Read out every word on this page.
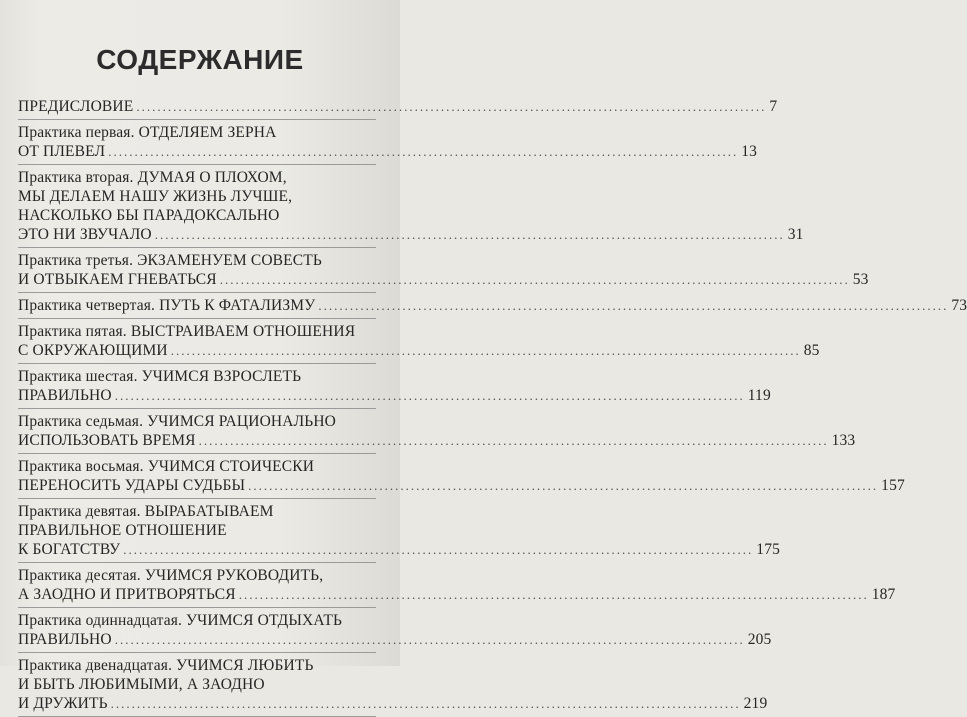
СОДЕРЖАНИЕ
ПРЕДИСЛОВИЕ ........................................................................................................................ 7
Практика первая. ОТДЕЛЯЕМ ЗЕРНА
ОТ ПЛЕВЕЛ ........................................................................................................................ 13
Практика вторая. ДУМАЯ О ПЛОХОМ,
МЫ ДЕЛАЕМ НАШУ ЖИЗНЬ ЛУЧШЕ,
НАСКОЛЬКО БЫ ПАРАДОКСАЛЬНО
ЭТО НИ ЗВУЧАЛО ........................................................................................................................ 31
Практика третья. ЭКЗАМЕНУЕМ СОВЕСТЬ
И ОТВЫКАЕМ ГНЕВАТЬСЯ ........................................................................................................................ 53
Практика четвертая. ПУТЬ К ФАТАЛИЗМУ ........................................................................................................................ 73
Практика пятая. ВЫСТРАИВАЕМ ОТНОШЕНИЯ
С ОКРУЖАЮЩИМИ ........................................................................................................................ 85
Практика шестая. УЧИМСЯ ВЗРОСЛЕТЬ
ПРАВИЛЬНО ........................................................................................................................ 119
Практика седьмая. УЧИМСЯ РАЦИОНАЛЬНО
ИСПОЛЬЗОВАТЬ ВРЕМЯ ........................................................................................................................ 133
Практика восьмая. УЧИМСЯ СТОИЧЕСКИ
ПЕРЕНОСИТЬ УДАРЫ СУДЬБЫ ........................................................................................................................ 157
Практика девятая. ВЫРАБАТЫВАЕМ
ПРАВИЛЬНОЕ ОТНОШЕНИЕ
К БОГАТСТВУ ........................................................................................................................ 175
Практика десятая. УЧИМСЯ РУКОВОДИТЬ,
А ЗАОДНО И ПРИТВОРЯТЬСЯ ........................................................................................................................ 187
Практика одиннадцатая. УЧИМСЯ ОТДЫХАТЬ
ПРАВИЛЬНО ........................................................................................................................ 205
Практика двенадцатая. УЧИМСЯ ЛЮБИТЬ
И БЫТЬ ЛЮБИМЫМИ, А ЗАОДНО
И ДРУЖИТЬ ........................................................................................................................ 219
